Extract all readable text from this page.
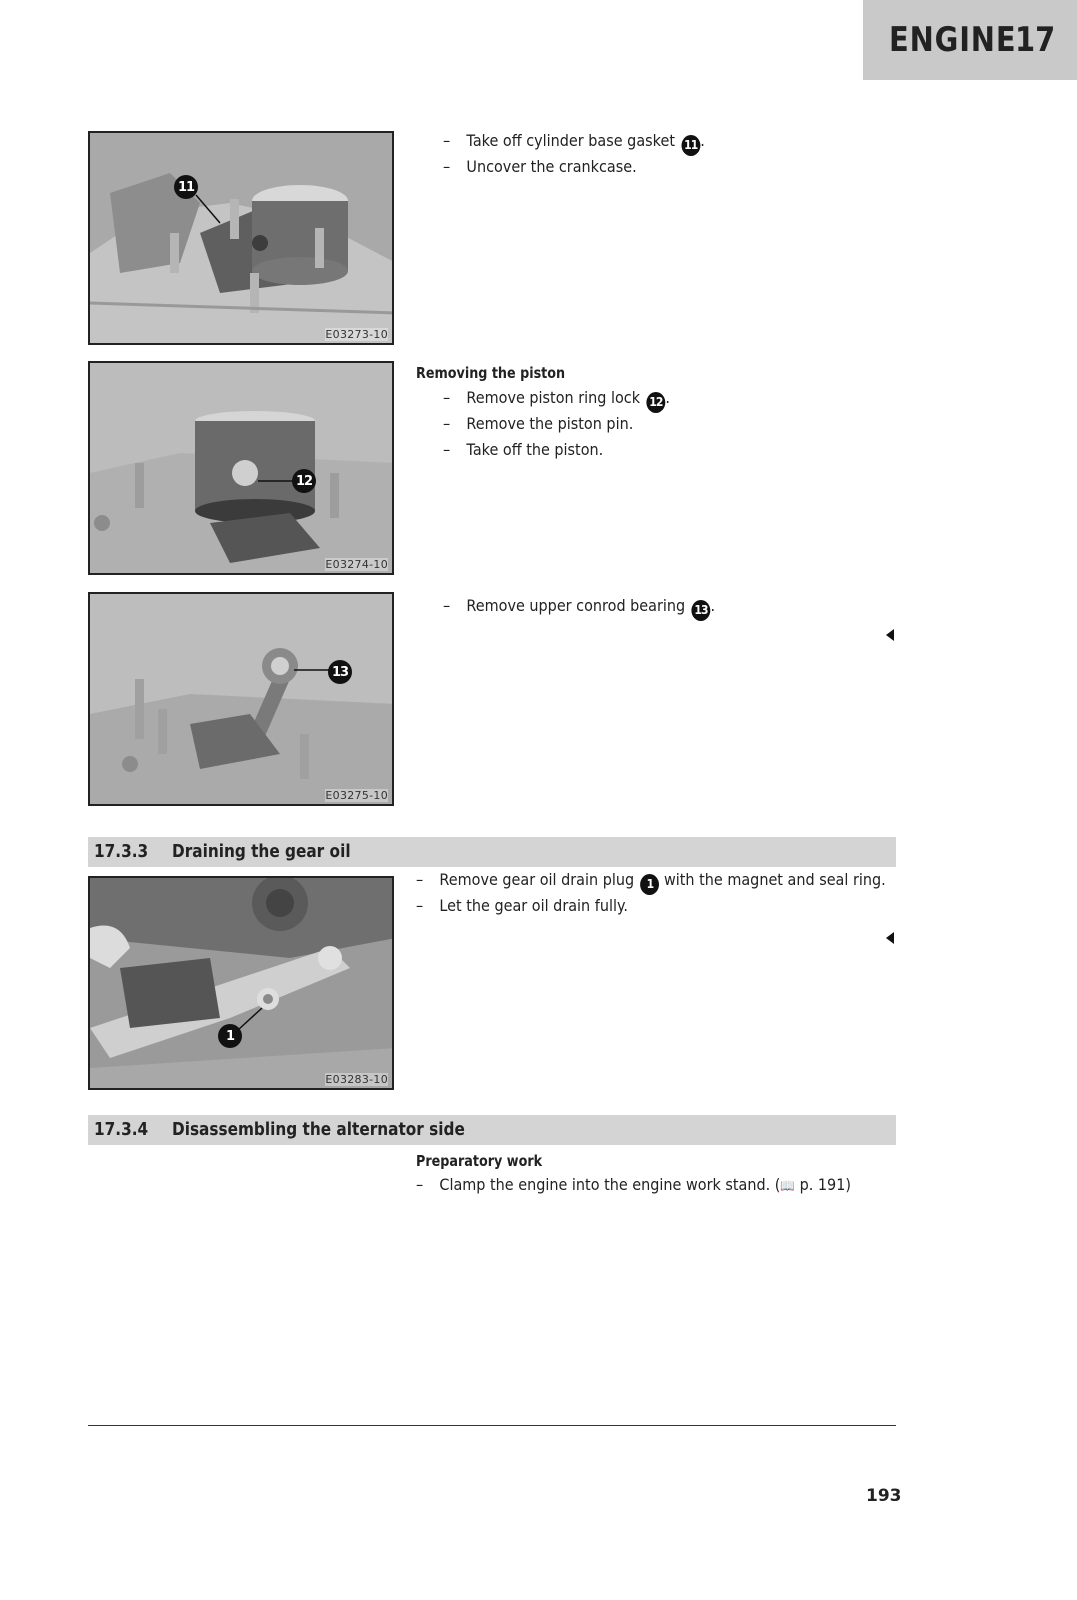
ENGINE
17
11
E03273-10
– Take off cylinder base gasket 11 .
– Uncover the crankcase.
12
E03274-10
Removing the piston
– Remove piston ring lock 12 .
– Remove the piston pin.
– Take off the piston.
13
E03275-10
– Remove upper conrod bearing 13 .
17.3.3 Draining the gear oil
1
E03283-10
– Remove gear oil drain plug 1 with the magnet and seal ring.
– Let the gear oil drain fully.
17.3.4 Disassembling the alternator side
Preparatory work
– Clamp the engine into the engine work stand. (📖 p. 191)
193
